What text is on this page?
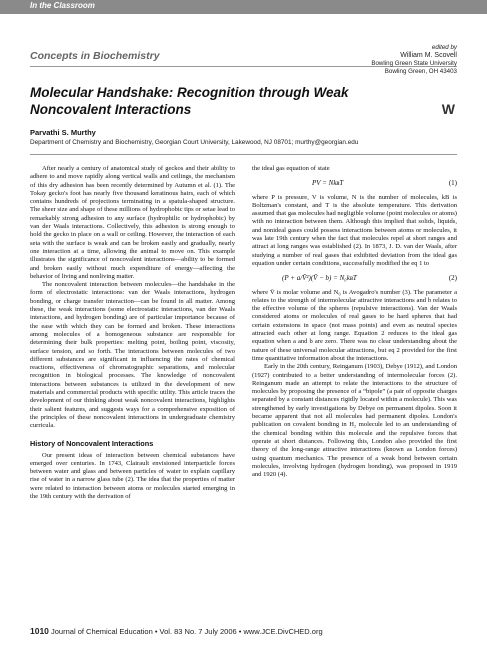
In the Classroom
Concepts in Biochemistry
edited by
William M. Scovell
Bowling Green State University
Bowling Green, OH 43403
Molecular Handshake: Recognition through Weak Noncovalent Interactions	W
Parvathi S. Murthy
Department of Chemistry and Biochemistry, Georgian Court University, Lakewood, NJ 08701; murthy@georgian.edu

After nearly a century of anatomical study of geckos and their ability to adhere to and move rapidly along vertical walls and ceilings, the mechanism of this dry adhesion has been recently determined by Autumn et al. (1). The Tokay gecko's foot has nearly five thousand keratinous hairs, each of which contains hundreds of projections terminating in a spatula-shaped structure. The sheer size and shape of these millions of hydrophobic tips or setae lead to remarkably strong adhesion to any surface (hydrophilic or hydrophobic) by van der Waals interactions. Collectively, this adhesion is strong enough to hold the gecko in place on a wall or ceiling. However, the interaction of each seta with the surface is weak and can be broken easily and gradually, nearly one interaction at a time, allowing the animal to move on. This example illustrates the significance of noncovalent interactions—ability to be formed and broken easily without much expenditure of energy—affecting the behavior of living and nonliving matter.

The noncovalent interaction between molecules—the handshake in the form of electrostatic interactions: van der Waals interactions, hydrogen bonding, or charge transfer interaction—can be found in all matter. Among these, the weak interactions (some electrostatic interactions, van der Waals interactions, and hydrogen bonding) are of particular importance because of the ease with which they can be formed and broken. These interactions among molecules of a homogeneous substance are responsible for determining their bulk properties: melting point, boiling point, viscosity, surface tension, and so forth. The interactions between molecules of two different substances are significant in influencing the rates of chemical reactions, effectiveness of chromatographic separations, and molecular recognition in biological processes. The knowledge of noncovalent interactions between substances is utilized in the development of new materials and commercial products with specific utility. This article traces the development of our thinking about weak noncovalent interactions, highlights their salient features, and suggests ways for a comprehensive exposition of the principles of these noncovalent interactions in undergraduate chemistry curricula.

History of Noncovalent Interactions

Our present ideas of interaction between chemical substances have emerged over centuries. In 1743, Clairault envisioned interparticle forces between water and glass and between particles of water to explain capillary rise of water in a narrow glass tube (2). The idea that the properties of matter were related to interaction between atoms or molecules started emerging in the 19th century with the derivation of

the ideal gas equation of state

PV = NkʙT	(1)

where P is pressure, V is volume, N is the number of molecules, kB is Boltzman's constant, and T is the absolute temperature. This derivation assumed that gas molecules had negligible volume (point molecules or atoms) with no interaction between them. Although this implied that solids, liquids, and nonideal gases could possess interactions between atoms or molecules, it was late 19th century when the fact that molecules repel at short ranges and attract at long ranges was established (2). In 1873, J. D. van der Waals, after studying a number of real gases that exhibited deviation from the ideal gas equation under certain conditions, successfully modified the eq 1 to

(P + a/V̄²)(V̄ − b) = N₀kʙT	(2)

where V̄ is molar volume and N₀ is Avogadro's number (3). The parameter a relates to the strength of intermolecular attractive interactions and b relates to the effective volume of the spheres (repulsive interactions). Van der Waals considered atoms or molecules of real gases to be hard spheres that had certain extensions in space (not mass points) and even as neutral species attracted each other at long range. Equation 2 reduces to the ideal gas equation when a and b are zero. There was no clear understanding about the nature of these universal molecular attractions, but eq 2 provided for the first time quantitative information about the interactions.

Early in the 20th century, Reinganum (1903), Debye (1912), and London (1927) contributed to a better understanding of intermolecular forces (2). Reinganum made an attempt to relate the interactions to the structure of molecules by proposing the presence of a “bipole” (a pair of opposite charges separated by a constant distances rigidly located within a molecule). This was strengthened by early investigations by Debye on permanent dipoles. Soon it became apparent that not all molecules had permanent dipoles. London's publication on covalent bonding in H₂ molecule led to an understanding of the chemical bonding within this molecule and the repulsive forces that operate at short distances. Following this, London also provided the first theory of the long-range attractive interactions (known as London forces) using quantum mechanics. The presence of a weak bond between certain molecules, involving hydrogen (hydrogen bonding), was proposed in 1919 and 1920 (4).

1010 Journal of Chemical Education • Vol. 83 No. 7 July 2006 • www.JCE.DivCHED.org
